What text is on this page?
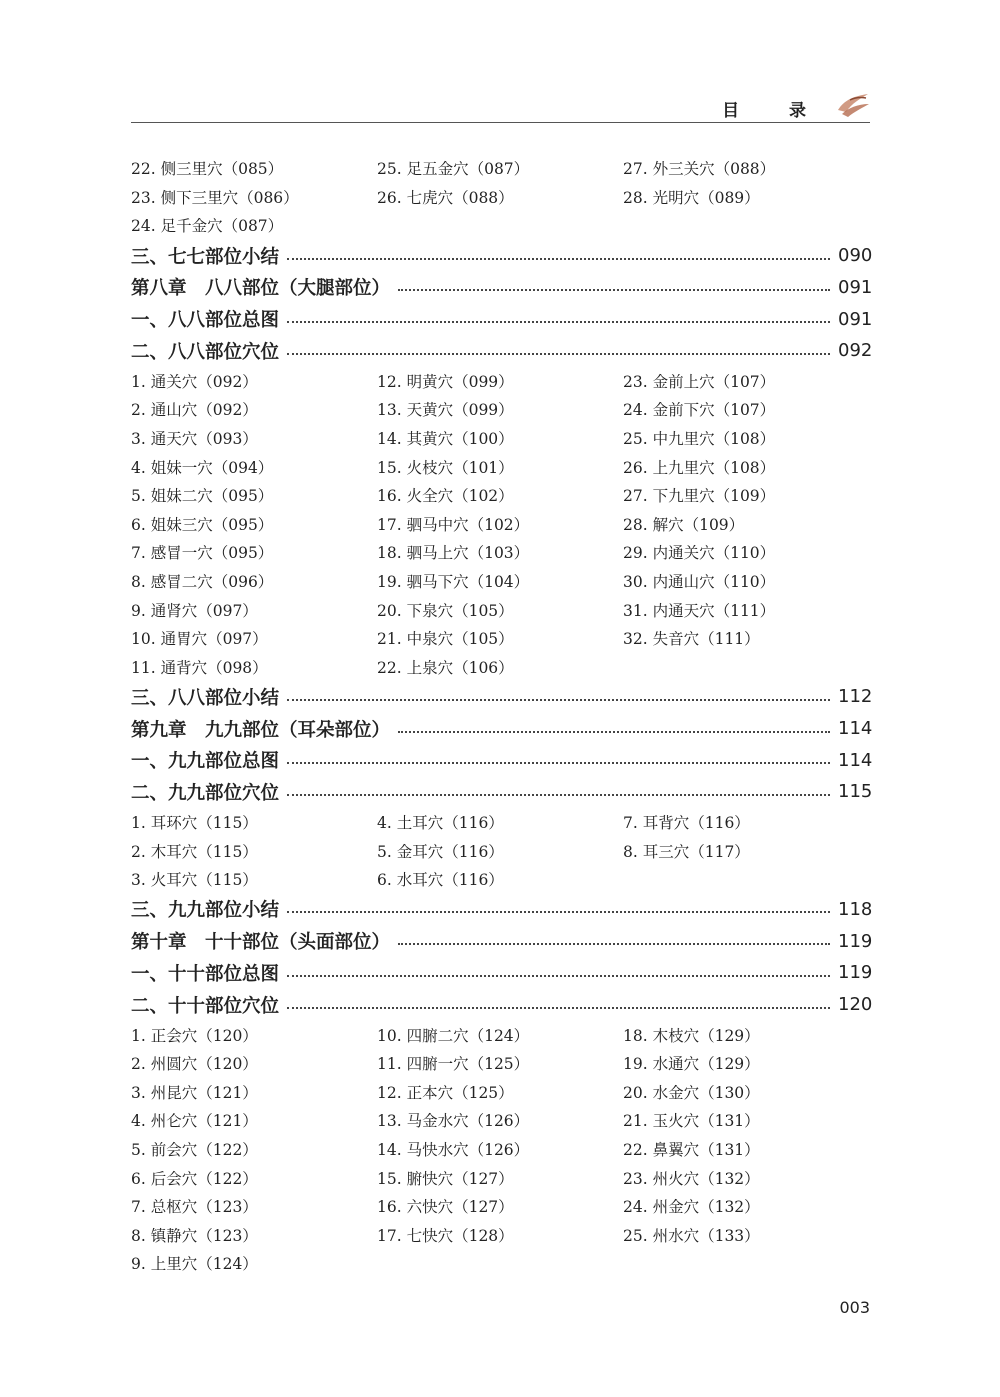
目 录
22. 侧三里穴（085）	25. 足五金穴（087）	27. 外三关穴（088）
23. 侧下三里穴（086）	26. 七虎穴（088）	28. 光明穴（089）
24. 足千金穴（087）
三、七七部位小结	090
第八章　八八部位（大腿部位）	091
一、八八部位总图	091
二、八八部位穴位	092
1. 通关穴（092）	12. 明黄穴（099）	23. 金前上穴（107）
2. 通山穴（092）	13. 天黄穴（099）	24. 金前下穴（107）
3. 通天穴（093）	14. 其黄穴（100）	25. 中九里穴（108）
4. 姐妹一穴（094）	15. 火枝穴（101）	26. 上九里穴（108）
5. 姐妹二穴（095）	16. 火全穴（102）	27. 下九里穴（109）
6. 姐妹三穴（095）	17. 驷马中穴（102）	28. 解穴（109）
7. 感冒一穴（095）	18. 驷马上穴（103）	29. 内通关穴（110）
8. 感冒二穴（096）	19. 驷马下穴（104）	30. 内通山穴（110）
9. 通肾穴（097）	20. 下泉穴（105）	31. 内通天穴（111）
10. 通胃穴（097）	21. 中泉穴（105）	32. 失音穴（111）
11. 通背穴（098）	22. 上泉穴（106）
三、八八部位小结	112
第九章　九九部位（耳朵部位）	114
一、九九部位总图	114
二、九九部位穴位	115
1. 耳环穴（115）	4. 土耳穴（116）	7. 耳背穴（116）
2. 木耳穴（115）	5. 金耳穴（116）	8. 耳三穴（117）
3. 火耳穴（115）	6. 水耳穴（116）
三、九九部位小结	118
第十章　十十部位（头面部位）	119
一、十十部位总图	119
二、十十部位穴位	120
1. 正会穴（120）	10. 四腑二穴（124）	18. 木枝穴（129）
2. 州圆穴（120）	11. 四腑一穴（125）	19. 水通穴（129）
3. 州昆穴（121）	12. 正本穴（125）	20. 水金穴（130）
4. 州仑穴（121）	13. 马金水穴（126）	21. 玉火穴（131）
5. 前会穴（122）	14. 马快水穴（126）	22. 鼻翼穴（131）
6. 后会穴（122）	15. 腑快穴（127）	23. 州火穴（132）
7. 总枢穴（123）	16. 六快穴（127）	24. 州金穴（132）
8. 镇静穴（123）	17. 七快穴（128）	25. 州水穴（133）
9. 上里穴（124）
003
